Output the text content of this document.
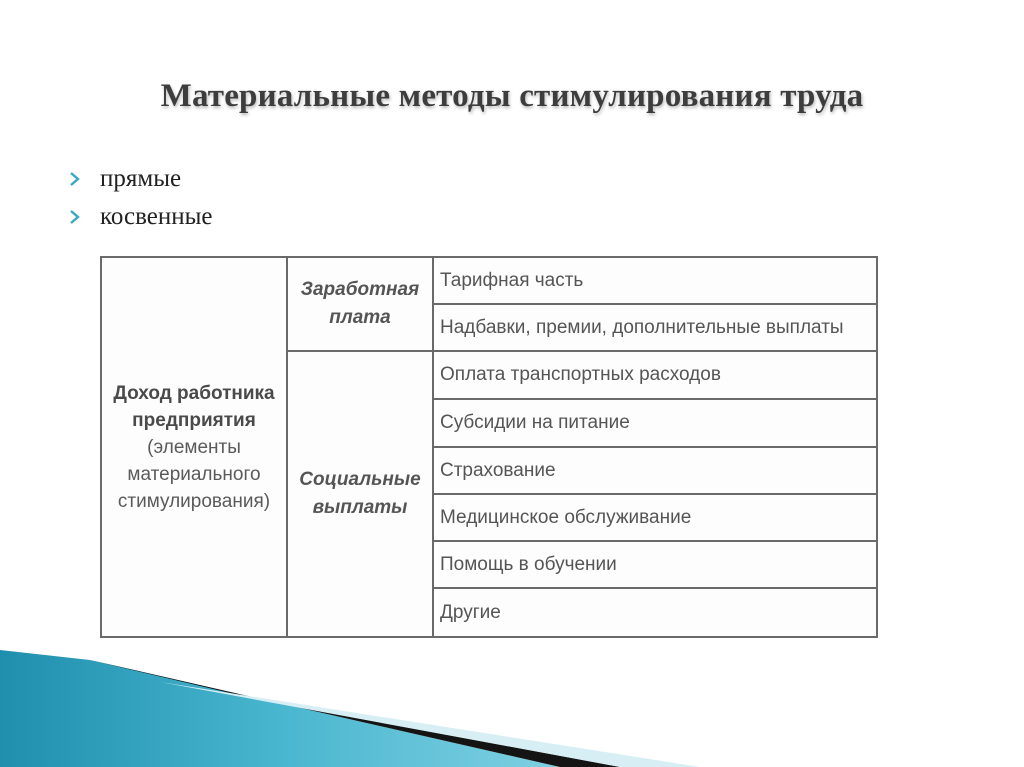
Материальные методы стимулирования труда
прямые
косвенные
Доход работника
предприятия
(элементы
материального
стимулирования)
Заработная
плата
Социальные
выплаты
Тарифная часть
Надбавки, премии, дополнительные выплаты
Оплата транспортных расходов
Субсидии на питание
Страхование
Медицинское обслуживание
Помощь в обучении
Другие
